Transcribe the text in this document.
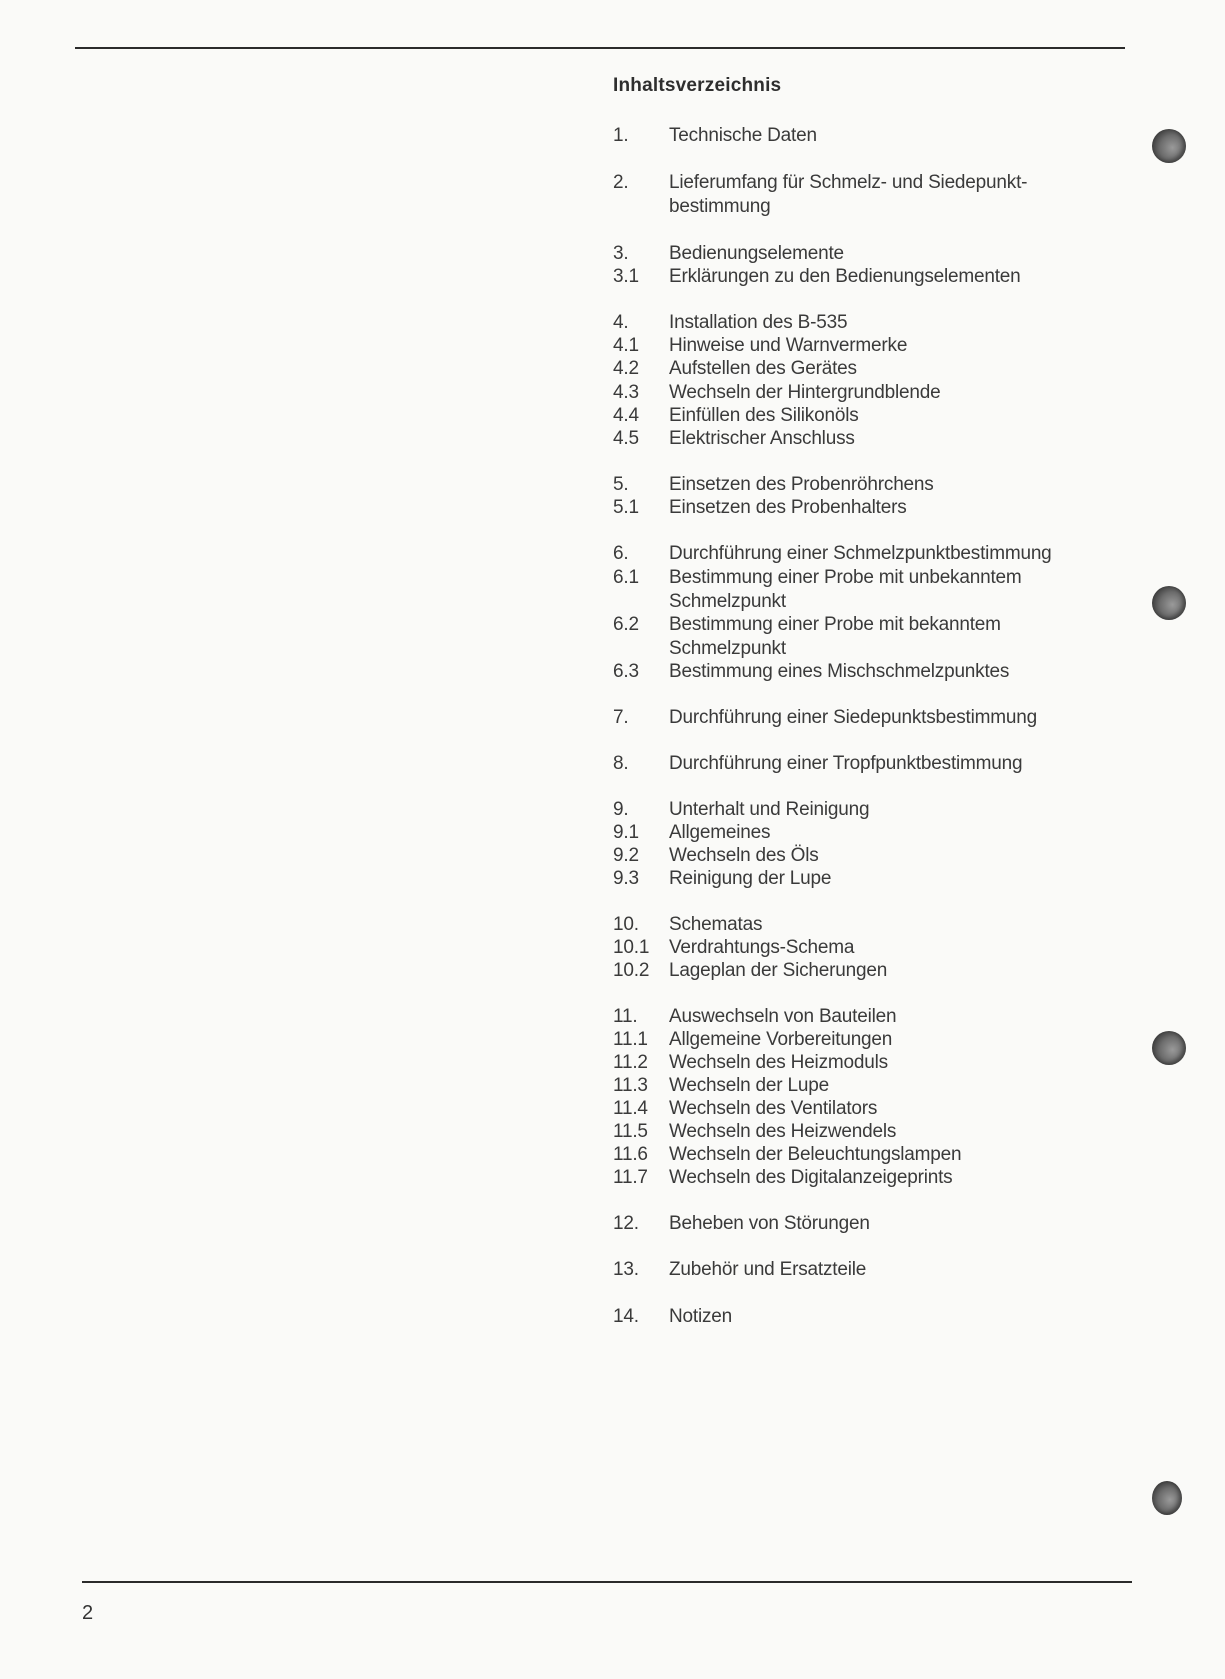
Inhaltsverzeichnis
1.	Technische Daten
2.	Lieferumfang für Schmelz- und Siedepunkt-bestimmung
3.	Bedienungselemente
3.1	Erklärungen zu den Bedienungselementen
4.	Installation des B-535
4.1	Hinweise und Warnvermerke
4.2	Aufstellen des Gerätes
4.3	Wechseln der Hintergrundblende
4.4	Einfüllen des Silikonöls
4.5	Elektrischer Anschluss
5.	Einsetzen des Probenröhrchens
5.1	Einsetzen des Probenhalters
6.	Durchführung einer Schmelzpunktbestimmung
6.1	Bestimmung einer Probe mit unbekanntem Schmelzpunkt
6.2	Bestimmung einer Probe mit bekanntem Schmelzpunkt
6.3	Bestimmung eines Mischschmelzpunktes
7.	Durchführung einer Siedepunktsbestimmung
8.	Durchführung einer Tropfpunktbestimmung
9.	Unterhalt und Reinigung
9.1	Allgemeines
9.2	Wechseln des Öls
9.3	Reinigung der Lupe
10.	Schematas
10.1	Verdrahtungs-Schema
10.2	Lageplan der Sicherungen
11.	Auswechseln von Bauteilen
11.1	Allgemeine Vorbereitungen
11.2	Wechseln des Heizmoduls
11.3	Wechseln der Lupe
11.4	Wechseln des Ventilators
11.5	Wechseln des Heizwendels
11.6	Wechseln der Beleuchtungslampen
11.7	Wechseln des Digitalanzeigeprints
12.	Beheben von Störungen
13.	Zubehör und Ersatzteile
14.	Notizen
2
